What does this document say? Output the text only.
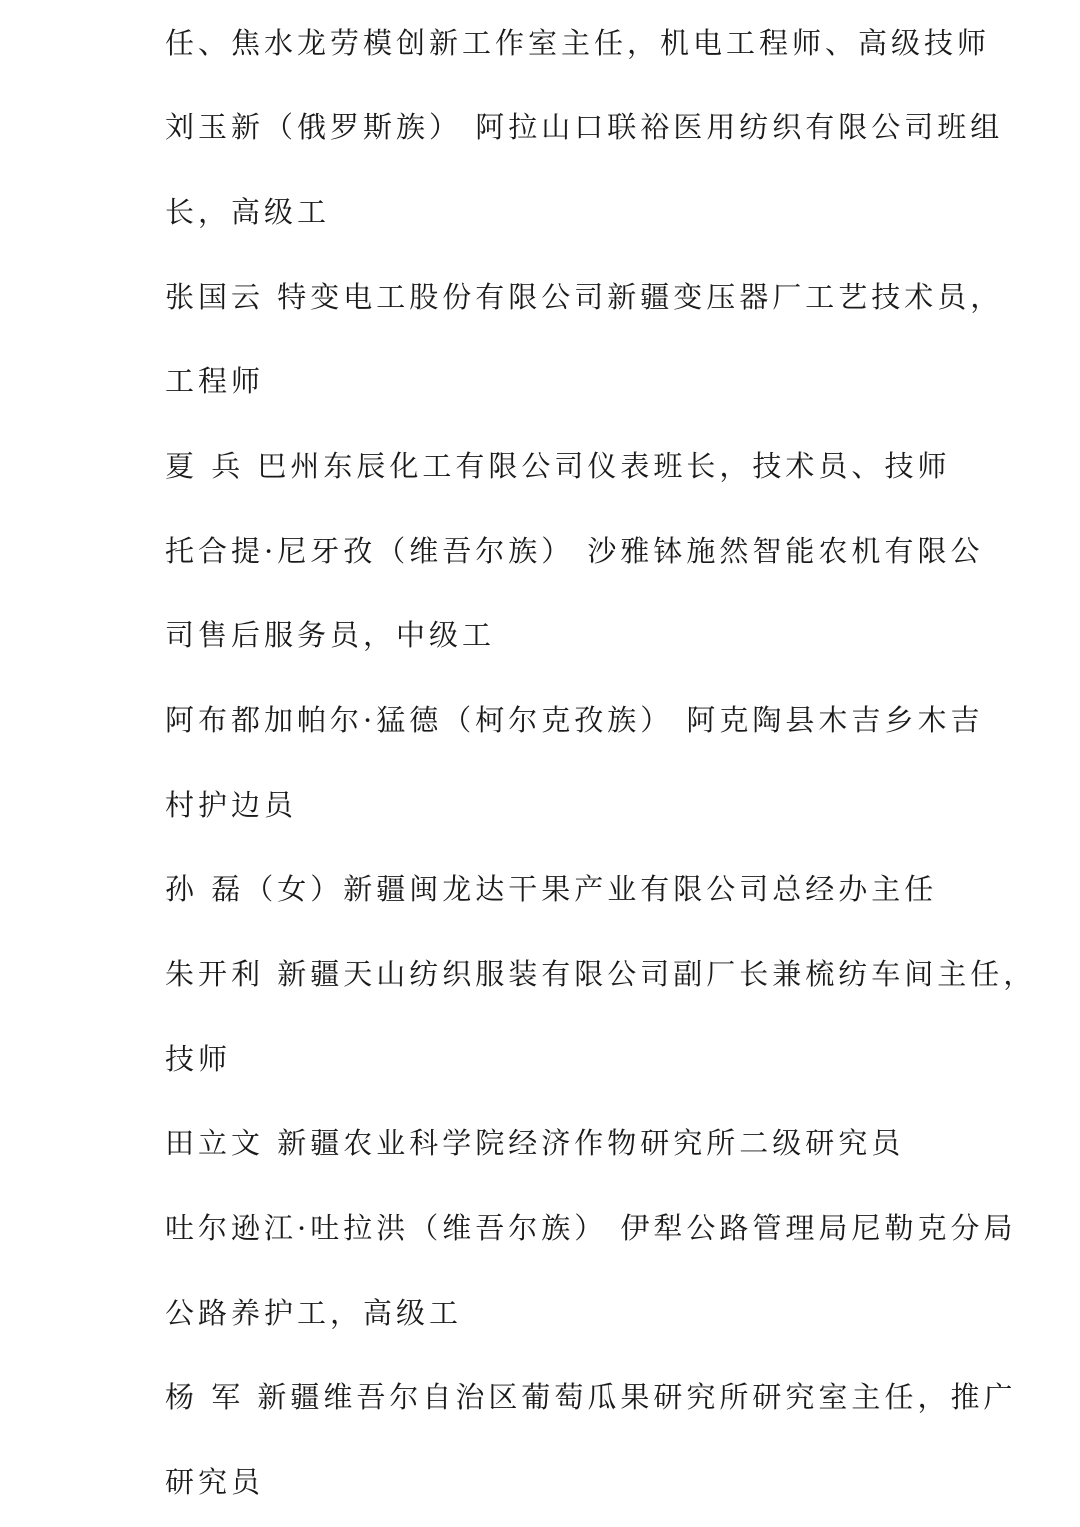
任、焦水龙劳模创新工作室主任，机电工程师、高级技师
刘玉新（俄罗斯族） 阿拉山口联裕医用纺织有限公司班组
长，高级工
张国云 特变电工股份有限公司新疆变压器厂工艺技术员，
工程师
夏 兵 巴州东辰化工有限公司仪表班长，技术员、技师
托合提·尼牙孜（维吾尔族） 沙雅钵施然智能农机有限公
司售后服务员，中级工
阿布都加帕尔·猛德（柯尔克孜族） 阿克陶县木吉乡木吉
村护边员
孙 磊（女）新疆闽龙达干果产业有限公司总经办主任
朱开利 新疆天山纺织服装有限公司副厂长兼梳纺车间主任，
技师
田立文 新疆农业科学院经济作物研究所二级研究员
吐尔逊江·吐拉洪（维吾尔族） 伊犁公路管理局尼勒克分局
公路养护工，高级工
杨 军 新疆维吾尔自治区葡萄瓜果研究所研究室主任，推广
研究员
